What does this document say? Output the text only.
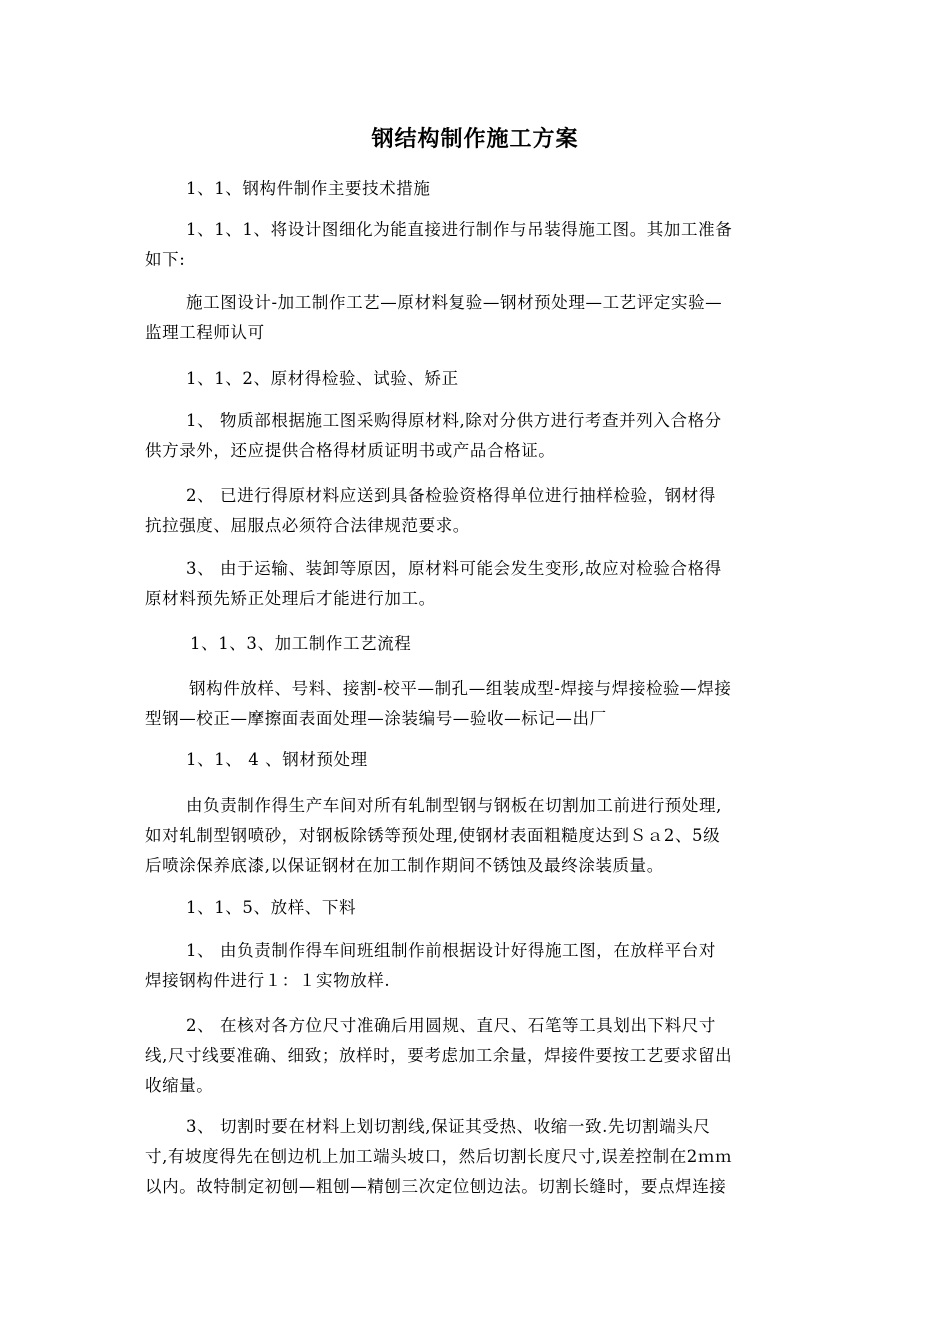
钢结构制作施工方案

1、1、钢构件制作主要技术措施

1、1、1、将设计图细化为能直接进行制作与吊装得施工图。其加工准备
如下:

施工图设计-加工制作工艺—原材料复验—钢材预处理—工艺评定实验—
监理工程师认可

1、1、2、原材得检验、试验、矫正

1、 物质部根据施工图采购得原材料,除对分供方进行考查并列入合格分
供方录外，还应提供合格得材质证明书或产品合格证。

2、 已进行得原材料应送到具备检验资格得单位进行抽样检验，钢材得
抗拉强度、屈服点必须符合法律规范要求。

3、 由于运输、装卸等原因，原材料可能会发生变形,故应对检验合格得
原材料预先矫正处理后才能进行加工。

1、1、3、加工制作工艺流程

钢构件放样、号料、接割-校平—制孔—组装成型-焊接与焊接检验—焊接
型钢—校正—摩擦面表面处理—涂装编号—验收—标记—出厂

1、1、 4 、钢材预处理

由负责制作得生产车间对所有轧制型钢与钢板在切割加工前进行预处理,
如对轧制型钢喷砂，对钢板除锈等预处理,使钢材表面粗糙度达到Ｓａ2、5级
后喷涂保养底漆,以保证钢材在加工制作期间不锈蚀及最终涂装质量。

1、1、5、放样、下料

1、 由负责制作得车间班组制作前根据设计好得施工图，在放样平台对
焊接钢构件进行１：１实物放样.

2、 在核对各方位尺寸准确后用圆规、直尺、石笔等工具划出下料尺寸
线,尺寸线要准确、细致；放样时，要考虑加工余量，焊接件要按工艺要求留出
收缩量。

3、 切割时要在材料上划切割线,保证其受热、收缩一致.先切割端头尺
寸,有坡度得先在刨边机上加工端头坡口，然后切割长度尺寸,误差控制在2ｍｍ
以内。故特制定初刨—粗刨—精刨三次定位刨边法。切割长缝时，要点焊连接
